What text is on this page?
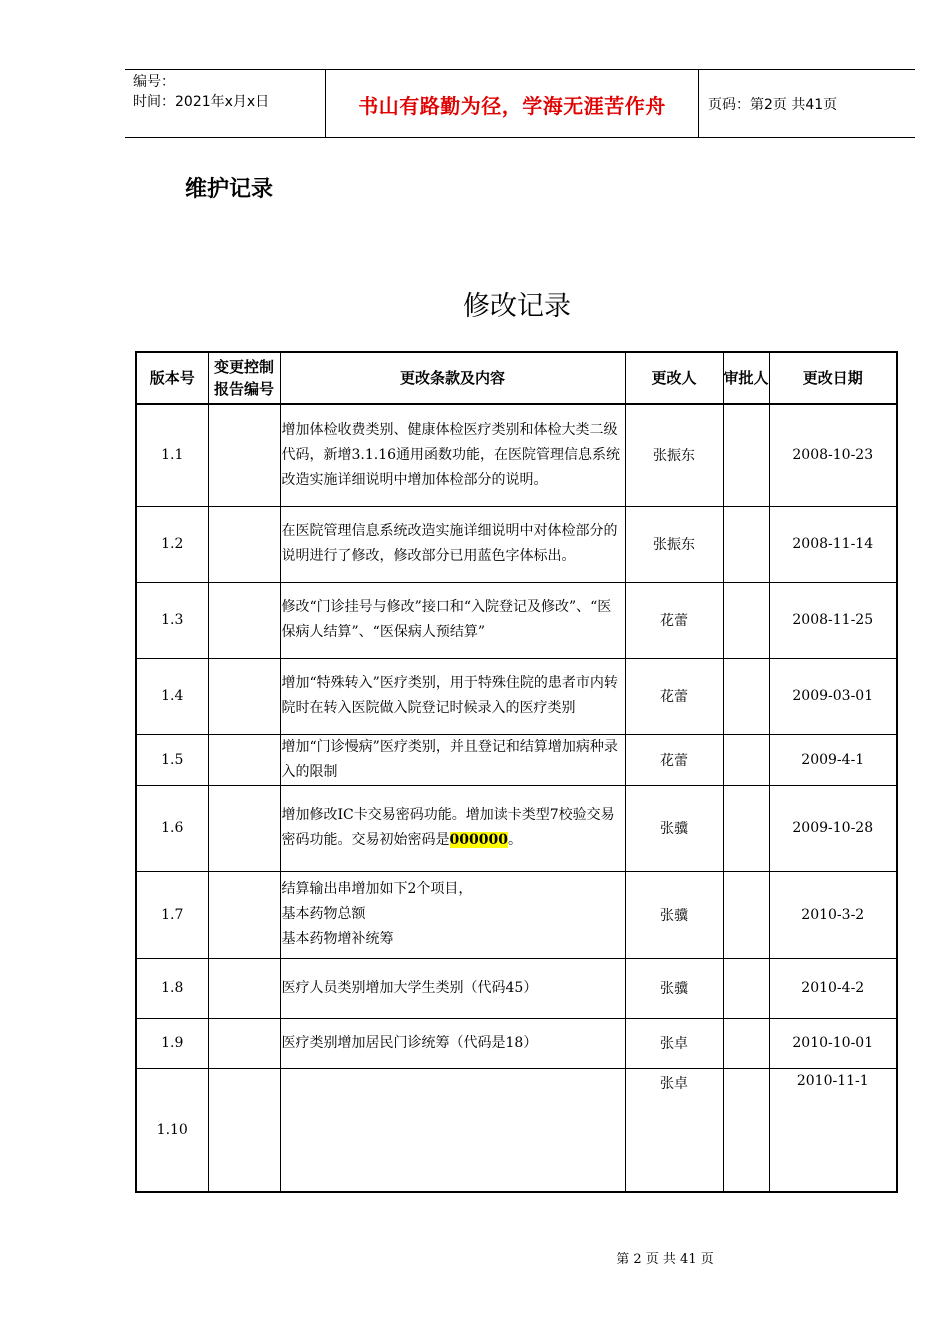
编号：
时间：2021年x月x日	书山有路勤为径，学海无涯苦作舟	页码：第2页 共41页
维护记录
修改记录
版本号	变更控制报告编号	更改条款及内容	更改人	审批人	更改日期
1.1		增加体检收费类别、健康体检医疗类别和体检大类二级代码，新增3.1.16通用函数功能，在医院管理信息系统改造实施详细说明中增加体检部分的说明。	张振东		2008-10-23
1.2		在医院管理信息系统改造实施详细说明中对体检部分的说明进行了修改，修改部分已用蓝色字体标出。	张振东		2008-11-14
1.3		修改“门诊挂号与修改”接口和“入院登记及修改”、“医保病人结算”、“医保病人预结算”	花蕾		2008-11-25
1.4		增加“特殊转入”医疗类别，用于特殊住院的患者市内转院时在转入医院做入院登记时候录入的医疗类别	花蕾		2009-03-01
1.5		增加“门诊慢病”医疗类别，并且登记和结算增加病种录入的限制	花蕾		2009-4-1
1.6		增加修改IC卡交易密码功能。增加读卡类型7校验交易密码功能。交易初始密码是000000。	张骥		2009-10-28
1.7		结算输出串增加如下2个项目，
基本药物总额
基本药物增补统筹	张骥		2010-3-2
1.8		医疗人员类别增加大学生类别（代码45）	张骥		2010-4-2
1.9		医疗类别增加居民门诊统筹（代码是18）	张卓		2010-10-01
1.10			张卓		2010-11-1
第 2 页 共 41 页
